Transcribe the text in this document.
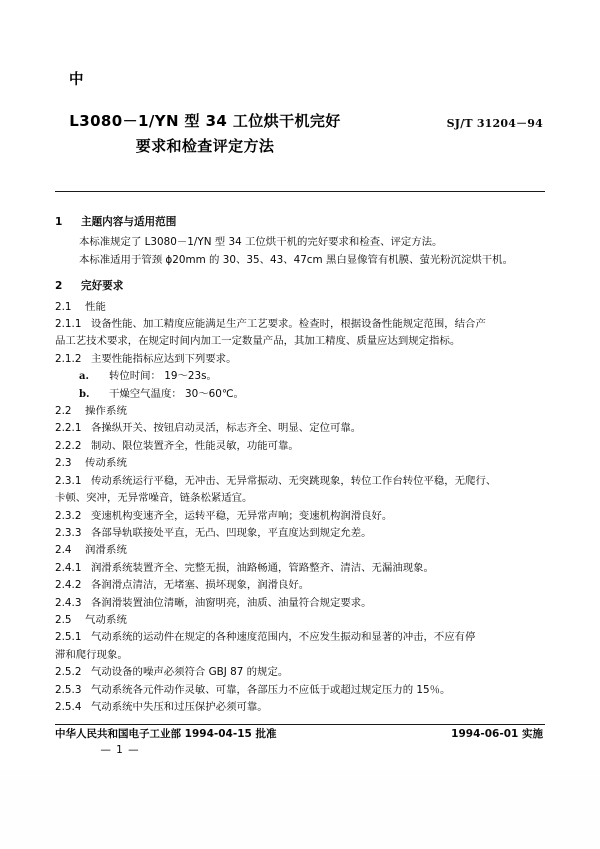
中
L3080－1/YN 型 34 工位烘干机完好
要求和检查评定方法
SJ/T 31204－94
1	主题内容与适用范围
本标准规定了 L3080－1/YN 型 34 工位烘干机的完好要求和检查、评定方法。
本标准适用于管颈 ϕ20mm 的 30、35、43、47cm 黑白显像管有机膜、萤光粉沉淀烘干机。
2	完好要求
2.1	性能
2.1.1 设备性能、加工精度应能满足生产工艺要求。检查时，根据设备性能规定范围，结合产
品工艺技术要求，在规定时间内加工一定数量产品，其加工精度、质量应达到规定指标。
2.1.2 主要性能指标应达到下列要求。
a.	转位时间： 19～23s。
b.	干燥空气温度： 30～60℃。
2.2	操作系统
2.2.1 各操纵开关、按钮启动灵活，标志齐全、明显、定位可靠。
2.2.2 制动、限位装置齐全，性能灵敏，功能可靠。
2.3	传动系统
2.3.1 传动系统运行平稳，无冲击、无异常振动、无突跳现象，转位工作台转位平稳，无爬行、
卡顿、突冲，无异常噪音，链条松紧适宜。
2.3.2 变速机构变速齐全，运转平稳，无异常声响；变速机构润滑良好。
2.3.3 各部导轨联接处平直，无凸、凹现象，平直度达到规定允差。
2.4	润滑系统
2.4.1 润滑系统装置齐全、完整无损，油路畅通，管路整齐、清洁、无漏油现象。
2.4.2 各润滑点清洁，无堵塞、损坏现象，润滑良好。
2.4.3 各润滑装置油位清晰，油窗明亮，油质、油量符合规定要求。
2.5	气动系统
2.5.1 气动系统的运动件在规定的各种速度范围内，不应发生振动和显著的冲击，不应有停
滞和爬行现象。
2.5.2 气动设备的噪声必须符合 GBJ 87 的规定。
2.5.3 气动系统各元件动作灵敏、可靠，各部压力不应低于或超过规定压力的 15％。
2.5.4 气动系统中失压和过压保护必须可靠。
中华人民共和国电子工业部 1994-04-15 批准	1994-06-01 实施
— 1 —
